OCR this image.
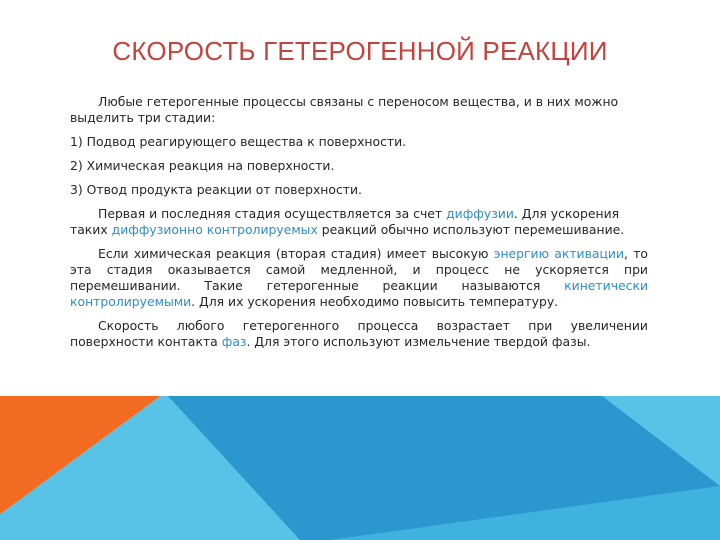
СКОРОСТЬ ГЕТЕРОГЕННОЙ РЕАКЦИИ

Любые гетерогенные процессы связаны с переносом вещества, и в них можно выделить три стадии:

1) Подвод реагирующего вещества к поверхности.

2) Химическая реакция на поверхности.

3) Отвод продукта реакции от поверхности.

Первая и последняя стадия осуществляется за счет диффузии. Для ускорения таких диффузионно контролируемых реакций обычно используют перемешивание.

Если химическая реакция (вторая стадия) имеет высокую энергию активации, то эта стадия оказывается самой медленной, и процесс не ускоряется при перемешивании. Такие гетерогенные реакции называются кинетически контролируемыми. Для их ускорения необходимо повысить температуру.

Скорость любого гетерогенного процесса возрастает при увеличении поверхности контакта фаз. Для этого используют измельчение твердой фазы.
